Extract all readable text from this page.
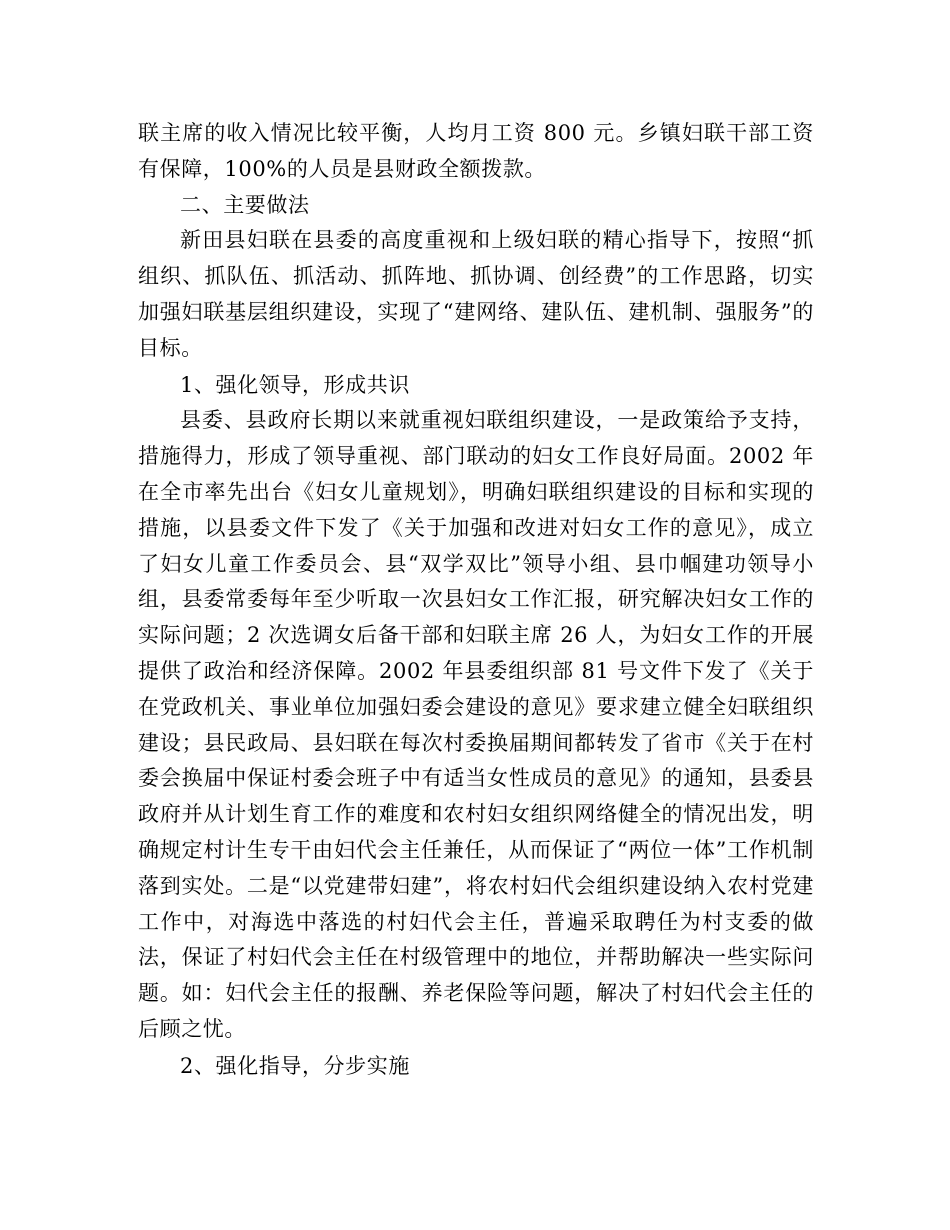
联主席的收入情况比较平衡，人均月工资 800 元。乡镇妇联干部工资有保障，100%的人员是县财政全额拨款。

二、主要做法

新田县妇联在县委的高度重视和上级妇联的精心指导下，按照“抓组织、抓队伍、抓活动、抓阵地、抓协调、创经费”的工作思路，切实加强妇联基层组织建设，实现了“建网络、建队伍、建机制、强服务”的目标。

1、强化领导，形成共识

县委、县政府长期以来就重视妇联组织建设，一是政策给予支持，措施得力，形成了领导重视、部门联动的妇女工作良好局面。2002 年在全市率先出台《妇女儿童规划》，明确妇联组织建设的目标和实现的措施，以县委文件下发了《关于加强和改进对妇女工作的意见》，成立了妇女儿童工作委员会、县“双学双比”领导小组、县巾帼建功领导小组，县委常委每年至少听取一次县妇女工作汇报，研究解决妇女工作的实际问题；2 次选调女后备干部和妇联主席 26 人，为妇女工作的开展提供了政治和经济保障。2002 年县委组织部 81 号文件下发了《关于在党政机关、事业单位加强妇委会建设的意见》要求建立健全妇联组织建设；县民政局、县妇联在每次村委换届期间都转发了省市《关于在村委会换届中保证村委会班子中有适当女性成员的意见》的通知，县委县政府并从计划生育工作的难度和农村妇女组织网络健全的情况出发，明确规定村计生专干由妇代会主任兼任，从而保证了“两位一体”工作机制落到实处。二是“以党建带妇建”，将农村妇代会组织建设纳入农村党建工作中，对海选中落选的村妇代会主任，普遍采取聘任为村支委的做法，保证了村妇代会主任在村级管理中的地位，并帮助解决一些实际问题。如：妇代会主任的报酬、养老保险等问题，解决了村妇代会主任的后顾之忧。

2、强化指导，分步实施
